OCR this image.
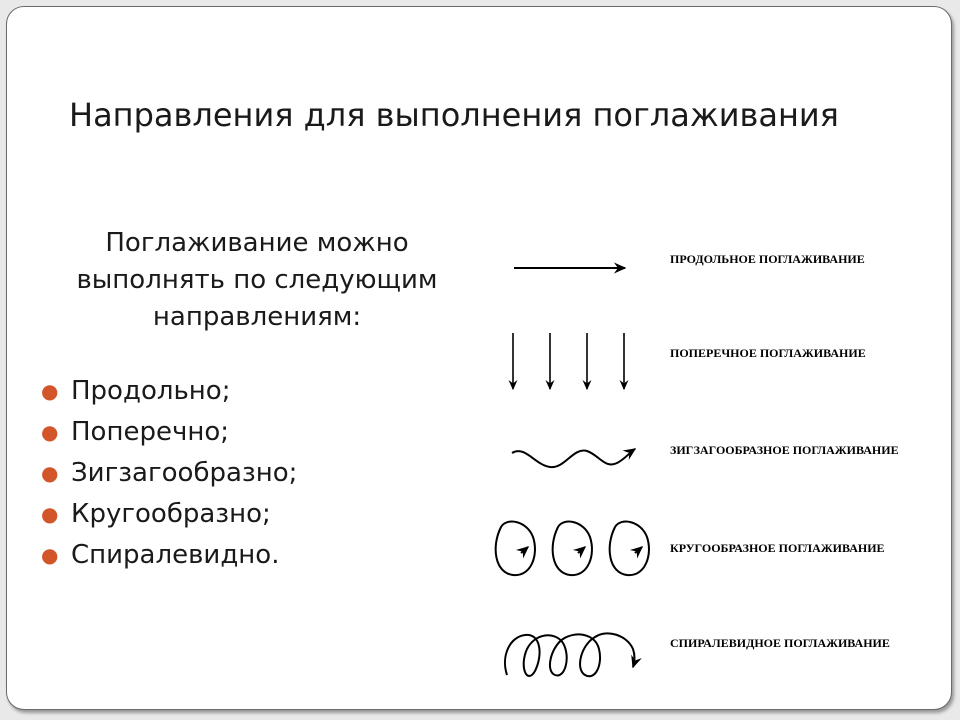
Направления для выполнения поглаживания

Поглаживание можно выполнять по следующим направлениям:

● Продольно;
● Поперечно;
● Зигзагообразно;
● Кругообразно;
● Спиралевидно.
ПРОДОЛЬНОЕ ПОГЛАЖИВАНИЕ
ПОПЕРЕЧНОЕ ПОГЛАЖИВАНИЕ
ЗИГЗАГООБРАЗНОЕ ПОГЛАЖИВАНИЕ
КРУГООБРАЗНОЕ ПОГЛАЖИВАНИЕ
СПИРАЛЕВИДНОЕ ПОГЛАЖИВАНИЕ
